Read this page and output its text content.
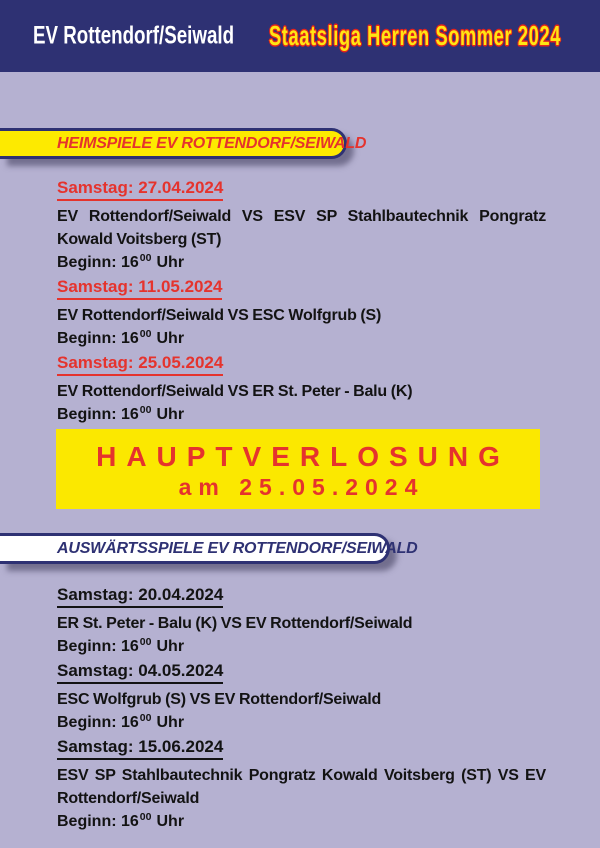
EV Rottendorf/Seiwald Staatsliga Herren Sommer 2024
HEIMSPIELE EV ROTTENDORF/SEIWALD

Samstag: 27.04.2024

EV Rottendorf/Seiwald VS ESV SP Stahlbautechnik Pongratz Kowald Voitsberg (ST)

Beginn: $16^{00}$ Uhr

Samstag: 11.05.2024

EV Rottendorf/Seiwald VS ESC Wolfgrub (S)

Beginn: $16^{00}$ Uhr

Samstag: 25.05.2024

EV Rottendorf/Seiwald VS ER St. Peter - Balu (K)

Beginn: $16^{00}$ Uhr

HAUPTVERLOSUNG

am 25.05.2024

AUSWÄRTSSPIELE EV ROTTENDORF/SEIWALD

Samstag: 20.04.2024

ER St. Peter - Balu (K) VS EV Rottendorf/Seiwald

Beginn: $16^{00}$ Uhr

Samstag: 04.05.2024

ESC Wolfgrub (S) VS EV Rottendorf/Seiwald

Beginn: $16^{00}$ Uhr

Samstag: 15.06.2024

ESV SP Stahlbautechnik Pongratz Kowald Voitsberg (ST) VS EV Rottendorf/Seiwald

Beginn: $16^{00}$ Uhr
